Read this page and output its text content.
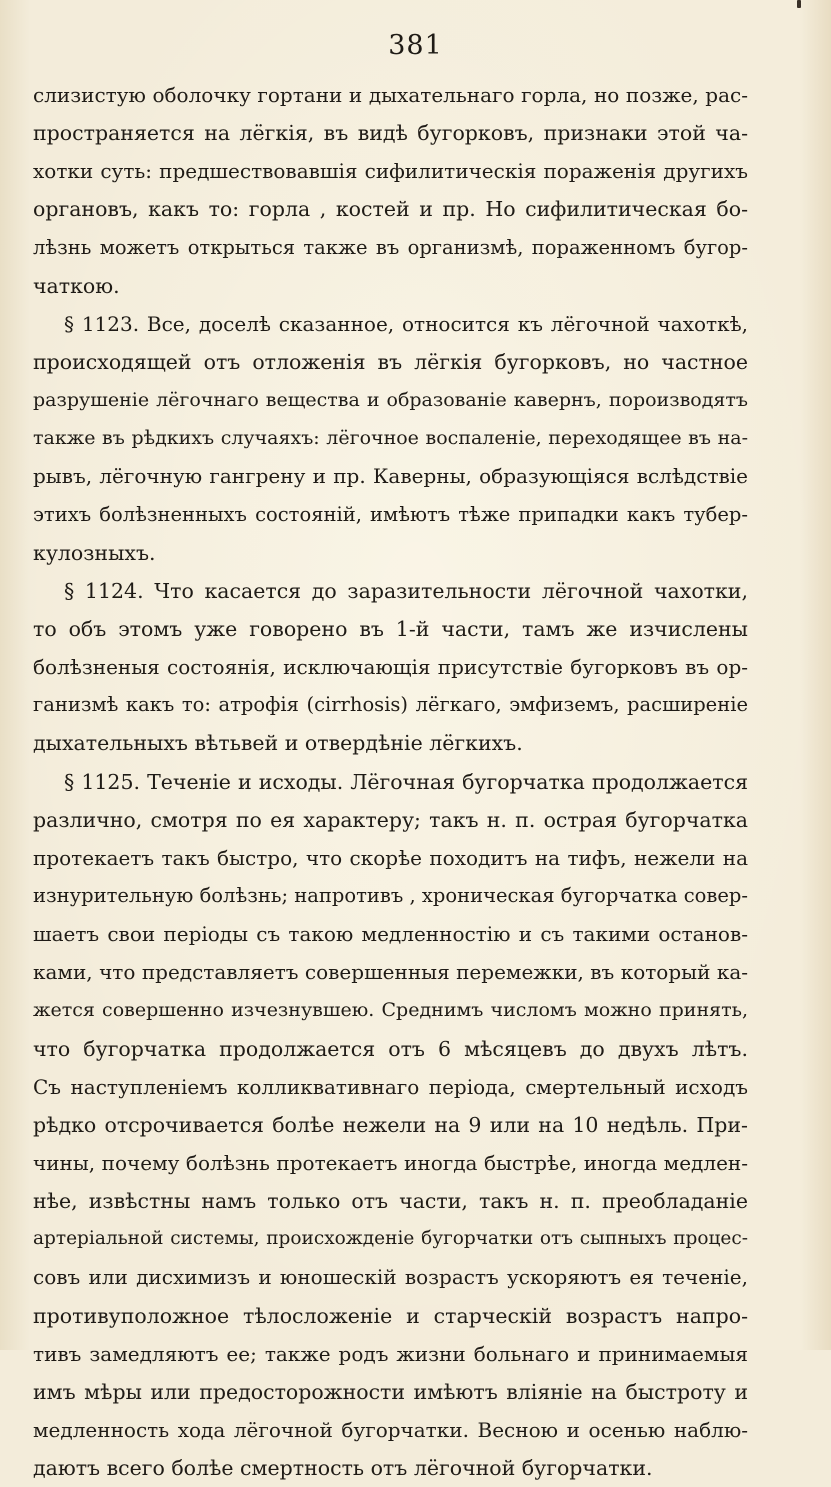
381
слизистую оболочку гортани и дыхательнаго горла, но позже, рас-
пространяется на лёгкія, въ видѣ бугорковъ, признаки этой ча-
хотки суть: предшествовавшія сифилитическія пораженія другихъ
органовъ, какъ то: горла , костей и пр. Но сифилитическая бо-
лѣзнь можетъ открыться также въ организмѣ, пораженномъ бугор-
чаткою.
§ 1123. Все, доселѣ сказанное, относится къ лёгочной чахоткѣ,
происходящей отъ отложенія въ лёгкія бугорковъ, но частное
разрушеніе лёгочнаго вещества и образованіе кавернъ, пороизводятъ
также въ рѣдкихъ случаяхъ: лёгочное воспаленіе, переходящее въ на-
рывъ, лёгочную гангрену и пр. Каверны, образующіяся вслѣдствіе
этихъ болѣзненныхъ состояній, имѣютъ тѣже припадки какъ тубер-
кулозныхъ.
§ 1124. Что касается до заразительности лёгочной чахотки,
то объ этомъ уже говорено въ 1-й части, тамъ же изчислены
болѣзненыя состоянія, исключающія присутствіе бугорковъ въ ор-
ганизмѣ какъ то: атрофія (cirrhosis) лёгкаго, эмфиземъ, расширеніе
дыхательныхъ вѣтьвей и отвердѣніе лёгкихъ.
§ 1125. Теченіе и исходы. Лёгочная бугорчатка продолжается
различно, смотря по ея характеру; такъ н. п. острая бугорчатка
протекаетъ такъ быстро, что скорѣе походитъ на тифъ, нежели на
изнурительную болѣзнь; напротивъ , хроническая бугорчатка совер-
шаетъ свои періоды съ такою медленностію и съ такими останов-
ками, что представляетъ совершенныя перемежки, въ который ка-
жется совершенно изчезнувшею. Среднимъ числомъ можно принять,
что бугорчатка продолжается отъ 6 мѣсяцевъ до двухъ лѣтъ.
Съ наступленіемъ колликвативнаго періода, смертельный исходъ
рѣдко отсрочивается болѣе нежели на 9 или на 10 недѣль. При-
чины, почему болѣзнь протекаетъ иногда быстрѣе, иногда медлен-
нѣе, извѣстны намъ только отъ части, такъ н. п. преобладаніе
артеріальной системы, происхожденіе бугорчатки отъ сыпныхъ процес-
совъ или дисхимизъ и юношескій возрастъ ускоряютъ ея теченіе,
противуположное тѣлосложеніе и старческій возрастъ напро-
тивъ замедляютъ ее; также родъ жизни больнаго и принимаемыя
имъ мѣры или предосторожности имѣютъ вліяніе на быстроту и
медленность хода лёгочной бугорчатки. Весною и осенью наблю-
даютъ всего болѣе смертность отъ лёгочной бугорчатки.
